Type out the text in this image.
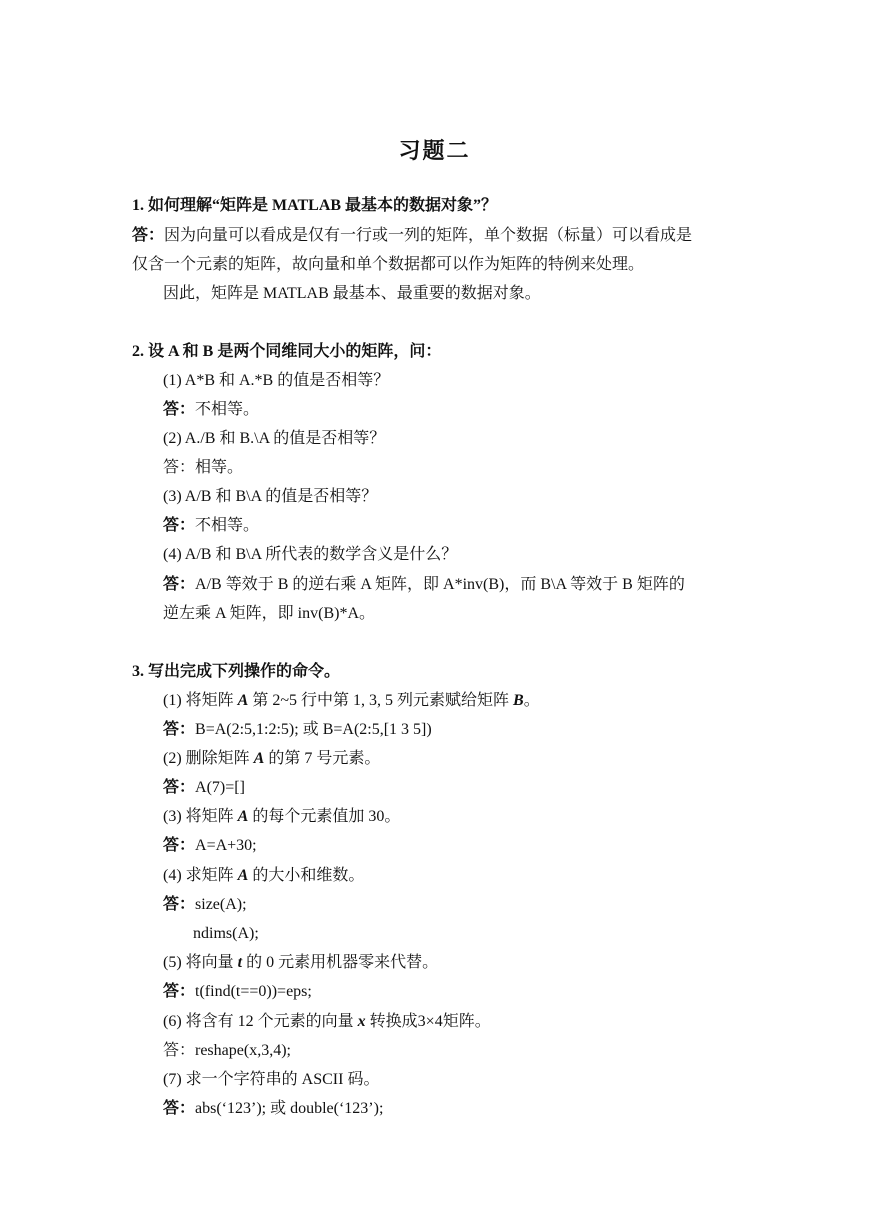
习题二
1. 如何理解“矩阵是 MATLAB 最基本的数据对象”？
答：因为向量可以看成是仅有一行或一列的矩阵，单个数据（标量）可以看成是
仅含一个元素的矩阵，故向量和单个数据都可以作为矩阵的特例来处理。
因此，矩阵是 MATLAB 最基本、最重要的数据对象。
2. 设 A 和 B 是两个同维同大小的矩阵，问：
(1) A*B 和 A.*B 的值是否相等？
答：不相等。
(2) A./B 和 B.\A 的值是否相等？
答：相等。
(3) A/B 和 B\A 的值是否相等？
答：不相等。
(4) A/B 和 B\A 所代表的数学含义是什么？
答：A/B 等效于 B 的逆右乘 A 矩阵，即 A*inv(B)，而 B\A 等效于 B 矩阵的
逆左乘 A 矩阵，即 inv(B)*A。
3. 写出完成下列操作的命令。
(1) 将矩阵 A 第 2~5 行中第 1, 3, 5 列元素赋给矩阵 B。
答：B=A(2:5,1:2:5); 或 B=A(2:5,[1 3 5])
(2) 删除矩阵 A 的第 7 号元素。
答：A(7)=[]
(3) 将矩阵 A 的每个元素值加 30。
答：A=A+30;
(4) 求矩阵 A 的大小和维数。
答：size(A);
ndims(A);
(5) 将向量 t 的 0 元素用机器零来代替。
答：t(find(t==0))=eps;
(6) 将含有 12 个元素的向量 x 转换成3×4矩阵。
答：reshape(x,3,4);
(7) 求一个字符串的 ASCII 码。
答：abs(‘123’); 或 double(‘123’);
